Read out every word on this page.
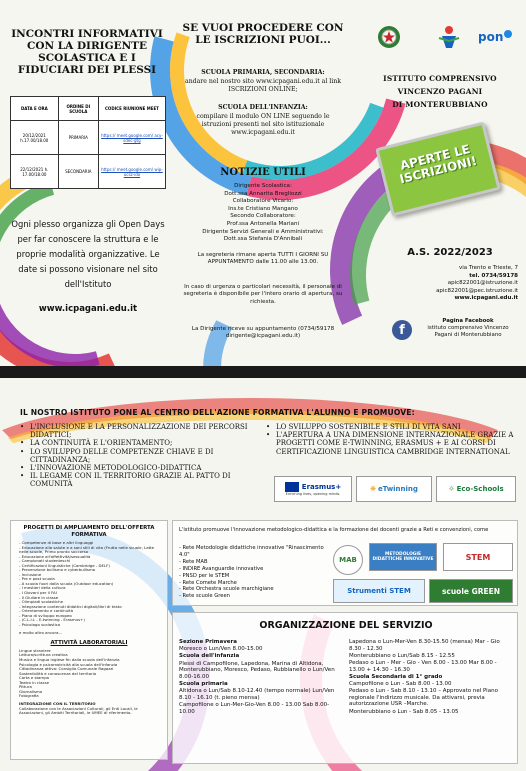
INCONTRI INFORMATIVI CON LA DIRIGENTE SCOLASTICA E I FIDUCIARI DEI PLESSI
DATA E ORA	ORDINE DI SCUOLA	CODICE RIUNIONE MEET
20/12/2021 h.17.00/18.00	PRIMARIA	https:// meet.google.com/ acy-sdec-gtg
22/12/2021 h. 17.00/18.00	SECONDARIA	https:// meet.google.com/ wip-ucsz-ido
Ogni plesso organizza gli Open Days per far conoscere la struttura e le proprie modalità organizzative. Le date si possono visionare nel sito dell'Istituto
www.icpagani.edu.it
SE VUOI PROCEDERE CON LE ISCRIZIONI PUOI...
SCUOLA PRIMARIA, SECONDARIA:
andare nel nostro sito www.icpagani.edu.it al link ISCRIZIONI ONLINE;
SCUOLA DELL'INFANZIA:
compilare il modulo ON LINE seguendo le istruzioni presenti nel sito istituzionale www.icpagani.edu.it
NOTIZIE UTILI
Dirigente Scolastica:
Dott.ssa Annarita Bregliozzi
Collaboratore Vicario:
Ins.te Cristiano Mangano
Secondo Collaboratore:
Prof.ssa Antonella Mariani
Dirigente Servizi Generali e Amministrativi:
Dott.ssa Stefania D'Annibali
La segreteria rimane aperta TUTTI I GIORNI SU APPUNTAMENTO dalle 11.00 alle 13.00.
In caso di urgenza o particolari necessità, il personale di segreteria è disponibile per l'intero orario di apertura, su richiesta.
La Dirigente riceve su appuntamento (0734/59178 dirigente@icpagani.edu.it)
pon
ISTITUTO COMPRENSIVO
VINCENZO PAGANI
DI MONTERUBBIANO
APERTE LE ISCRIZIONI!
A.S. 2022/2023
via Trento e Trieste, 7
tel. 0734/59178
apic822001@istruzione.it
apic822001@pec.istruzione.it
www.icpagani.edu.it
f
Pagina Facebook
istituto comprensivo Vincenzo Pagani di Monterubbiano
IL NOSTRO ISTITUTO PONE AL CENTRO DELL'AZIONE FORMATIVA L'ALUNNO E PROMUOVE:
• L'INCLUSIONE E LA PERSONALIZZAZIONE DEI PERCORSI DIDATTICI;
• LA CONTINUITÀ E L'ORIENTAMENTO;
• LO SVILUPPO DELLE COMPETENZE CHIAVE E DI CITTADINANZA;
• L'INNOVAZIONE METODOLOGICO-DIDATTICA
• IL LEGAME CON IL TERRITORIO GRAZIE AL PATTO DI COMUNITÀ
• LO SVILUPPO SOSTENIBILE E STILI DI VITA SANI
• L'APERTURA A UNA DIMENSIONE INTERNAZIONALE GRAZIE A PROGETTI COME E-TWINNING, ERASMUS + E AI CORSI DI CERTIFICAZIONE LINGUISTICA CAMBRIDGE INTERNATIONAL
Erasmus+
Enriching lives, opening minds.
❋ eTwinning	☼ Eco-Schools
PROGETTI DI AMPLIAMENTO DELL'OFFERTA FORMATIVA
- Competenze di base e altri linguaggi
- Educazione alla salute e a sani stili di vita (Frutta nelle scuole, Latte nelle scuole, Primo pronto soccorso
- Educazione all'affettività/sessualità
- Campionati studenteschi
- Certificazioni linguistiche (Cambridge - DELF)
- Prevenzione bullismo e cyberbullismo
- Inclusione
- Pre e post scuola
- A scuola fuori dalla scuola (Outdoor education)
- I mestieri della cultura
- I Giovani per il FAI
- Il Giullare in classe
- Olimpiadi scolastiche
- Integrazione contenuti didattici digitali/libri di testo
- Orientamento e continuità
- Piano di sviluppo europeo
- (C.L.I.L - E-twinning - Erasmus+)
- Psicologo scolastico
e molto altro ancora...
ATTIVITÀ LABORATORIALI
Lingue straniere
Lettura/scrittura creativa
Musica e lingua inglese fin dalla scuola dell'infanzia
Psicologia e psicomotricità alla scuola dell'infanzia
Cittadinanza attiva: Consiglio Comunale Ragazzi
Sostenibilità e conoscenza del territorio
Carta e stampa
Teatro in classe
Pittura
Giornalismo
Fotografia
INTEGRAZIONE CON IL TERRITORIO
Collaborazione con le Associazioni Culturali, gli Enti Locali, le Associazioni, gli Ambiti Territoriali, le UMEE di riferimento.
L'istituto promuove l'innovazione metodologico-didattica e la formazione dei docenti grazie a Reti e convenzioni, come
- Rete Metodologie didattiche innovative "Rinascimento 4.0"
- Rete MAB
- INDIRE Avanguardie innovative
- PNSD per le STEM
- Rete Comete Marche
- Rete Orchestra scuole marchigiane
- Rete scuole Green
MAB
METODOLOGIE DIDATTICHE INNOVATIVE	STEM
Strumenti STEM	scuole GREEN
ORGANIZZAZIONE DEL SERVIZIO
Sezione Primavera
Moresco o Lun/Ven 8.00-15.00
Scuola dell'infanzia
Plessi di Campofilone, Lapedona, Marina di Altidona, Monterubbiano, Moresco, Pedaso, Rubbianello o Lun/Ven 8.00-16.00
Scuola primaria
Altidona o Lun/Sab 8.10-12.40 (tempo normale) Lun/Ven 8.10 - 16.10 (t. pieno mensa)
Campofilone o Lun-Mer-Gio-Ven 8.00 - 13.00 Sab 8.00-10.00
Lapedona o Lun-Mer-Ven 8.30-15.50 (mensa) Mar - Gio 8.30 - 12.30
Monterubbiano o Lun/Sab 8.15 - 12.55
Pedaso o Lun - Mer - Gio - Ven 8.00 - 13.00 Mar 8.00 - 13.00 + 14.30 - 16.30
Scuola Secondaria di 1° grado
Campofilone o Lun - Sab 8.00 - 13.00
Pedaso o Lun - Sab 8.10 - 13.10 – Approvato nel Piano regionale l'indirizzo musicale. Da attivarsi, previa autorizzazione USR –Marche.
Monterubbiano o Lun - Sab 8.05 - 13.05
